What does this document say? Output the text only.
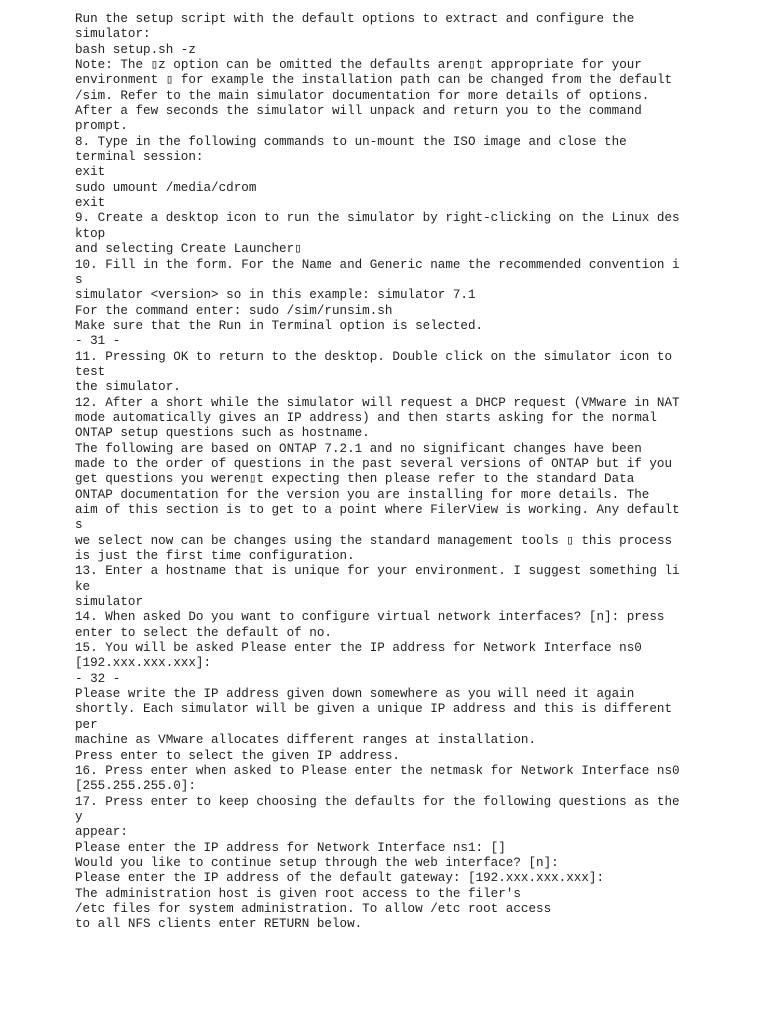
Run the setup script with the default options to extract and configure the
simulator:
bash setup.sh -z
Note: The ▯z option can be omitted the defaults aren▯t appropriate for your
environment ▯ for example the installation path can be changed from the default
/sim. Refer to the main simulator documentation for more details of options.
After a few seconds the simulator will unpack and return you to the command
prompt.
8. Type in the following commands to un-mount the ISO image and close the
terminal session:
exit
sudo umount /media/cdrom
exit
9. Create a desktop icon to run the simulator by right-clicking on the Linux des
ktop
and selecting Create Launcher▯
10. Fill in the form. For the Name and Generic name the recommended convention i
s
simulator <version> so in this example: simulator 7.1
For the command enter: sudo /sim/runsim.sh
Make sure that the Run in Terminal option is selected.
- 31 -
11. Pressing OK to return to the desktop. Double click on the simulator icon to
test
the simulator.
12. After a short while the simulator will request a DHCP request (VMware in NAT
mode automatically gives an IP address) and then starts asking for the normal
ONTAP setup questions such as hostname.
The following are based on ONTAP 7.2.1 and no significant changes have been
made to the order of questions in the past several versions of ONTAP but if you
get questions you weren▯t expecting then please refer to the standard Data
ONTAP documentation for the version you are installing for more details. The
aim of this section is to get to a point where FilerView is working. Any default
s
we select now can be changes using the standard management tools ▯ this process
is just the first time configuration.
13. Enter a hostname that is unique for your environment. I suggest something li
ke
simulator
14. When asked Do you want to configure virtual network interfaces? [n]: press
enter to select the default of no.
15. You will be asked Please enter the IP address for Network Interface ns0
[192.xxx.xxx.xxx]:
- 32 -
Please write the IP address given down somewhere as you will need it again
shortly. Each simulator will be given a unique IP address and this is different
per
machine as VMware allocates different ranges at installation.
Press enter to select the given IP address.
16. Press enter when asked to Please enter the netmask for Network Interface ns0
[255.255.255.0]:
17. Press enter to keep choosing the defaults for the following questions as the
y
appear:
Please enter the IP address for Network Interface ns1: []
Would you like to continue setup through the web interface? [n]:
Please enter the IP address of the default gateway: [192.xxx.xxx.xxx]:
The administration host is given root access to the filer's
/etc files for system administration. To allow /etc root access
to all NFS clients enter RETURN below.
